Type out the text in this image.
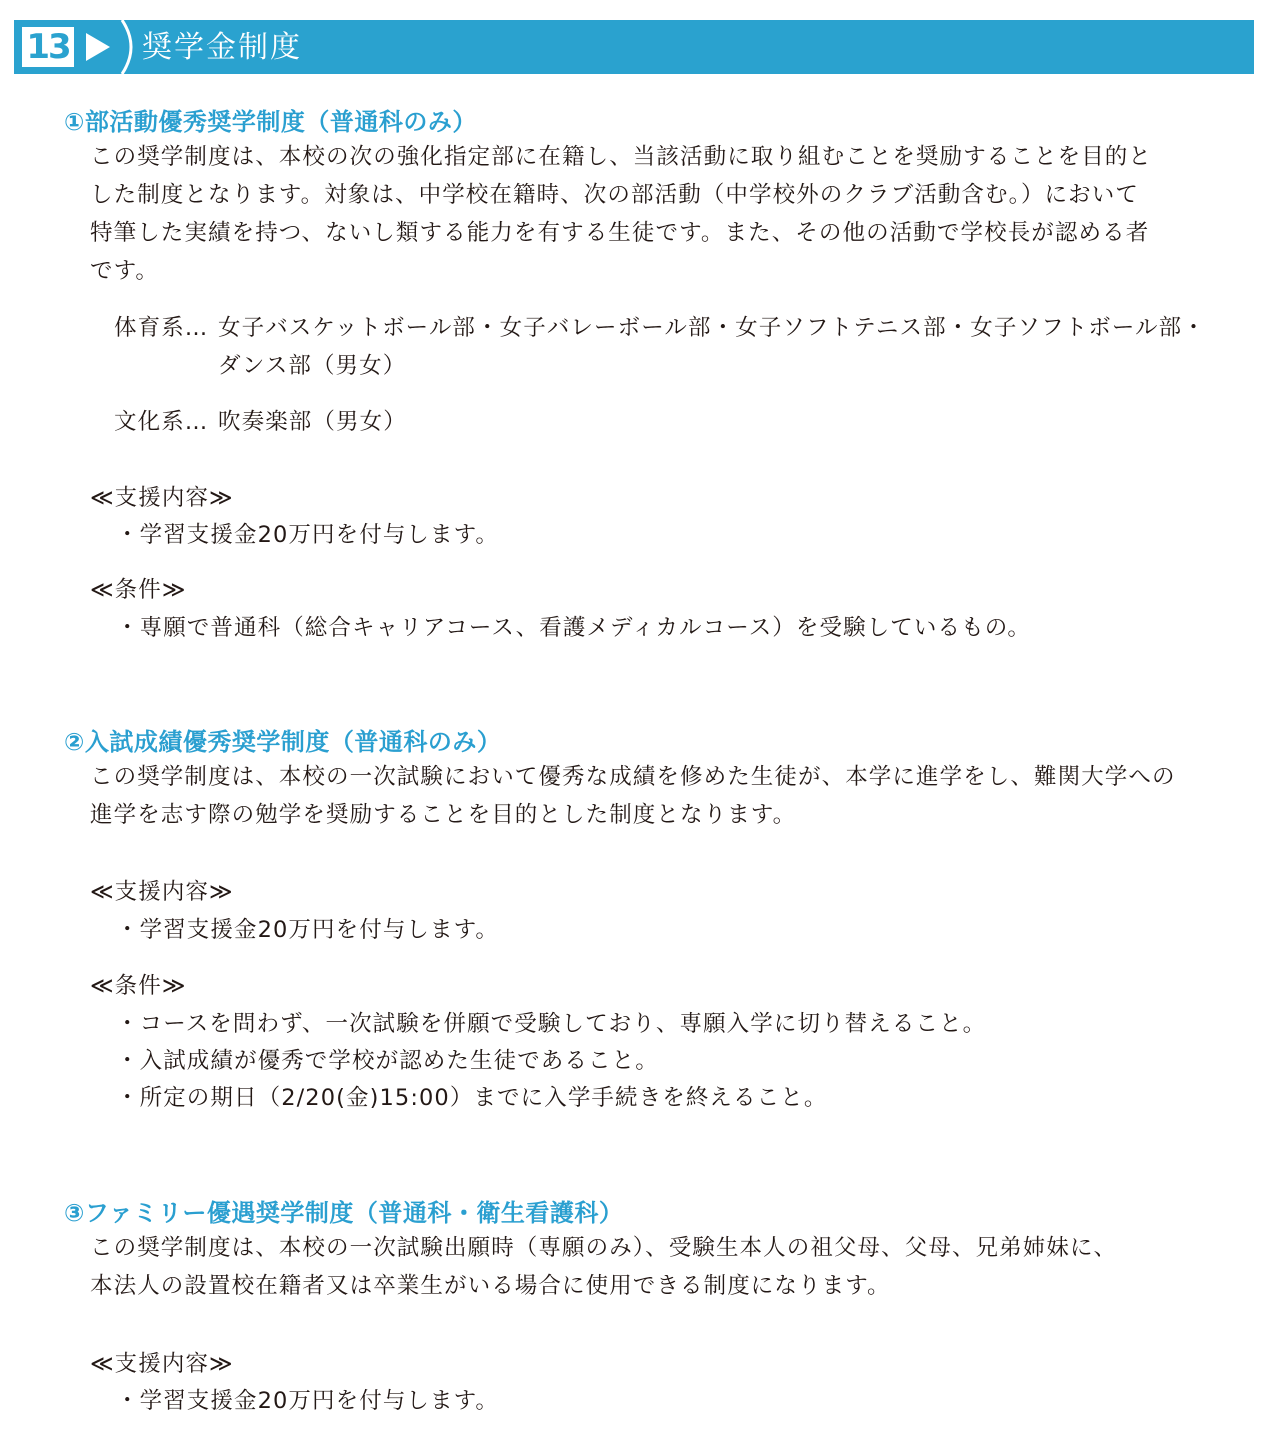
13 奨学金制度
①部活動優秀奨学制度（普通科のみ）
この奨学制度は、本校の次の強化指定部に在籍し、当該活動に取り組むことを奨励することを目的と
した制度となります。対象は、中学校在籍時、次の部活動（中学校外のクラブ活動含む。）において
特筆した実績を持つ、ないし類する能力を有する生徒です。また、その他の活動で学校長が認める者
です。
体育系… 女子バスケットボール部・女子バレーボール部・女子ソフトテニス部・女子ソフトボール部・
ダンス部（男女）
文化系… 吹奏楽部（男女）
≪支援内容≫
・学習支援金20万円を付与します。
≪条件≫
・専願で普通科（総合キャリアコース、看護メディカルコース）を受験しているもの。
②入試成績優秀奨学制度（普通科のみ）
この奨学制度は、本校の一次試験において優秀な成績を修めた生徒が、本学に進学をし、難関大学への
進学を志す際の勉学を奨励することを目的とした制度となります。
≪支援内容≫
・学習支援金20万円を付与します。
≪条件≫
・コースを問わず、一次試験を併願で受験しており、専願入学に切り替えること。
・入試成績が優秀で学校が認めた生徒であること。
・所定の期日（2/20(金)15:00）までに入学手続きを終えること。
③ファミリー優遇奨学制度（普通科・衛生看護科）
この奨学制度は、本校の一次試験出願時（専願のみ）、受験生本人の祖父母、父母、兄弟姉妹に、
本法人の設置校在籍者又は卒業生がいる場合に使用できる制度になります。
≪支援内容≫
・学習支援金20万円を付与します。
